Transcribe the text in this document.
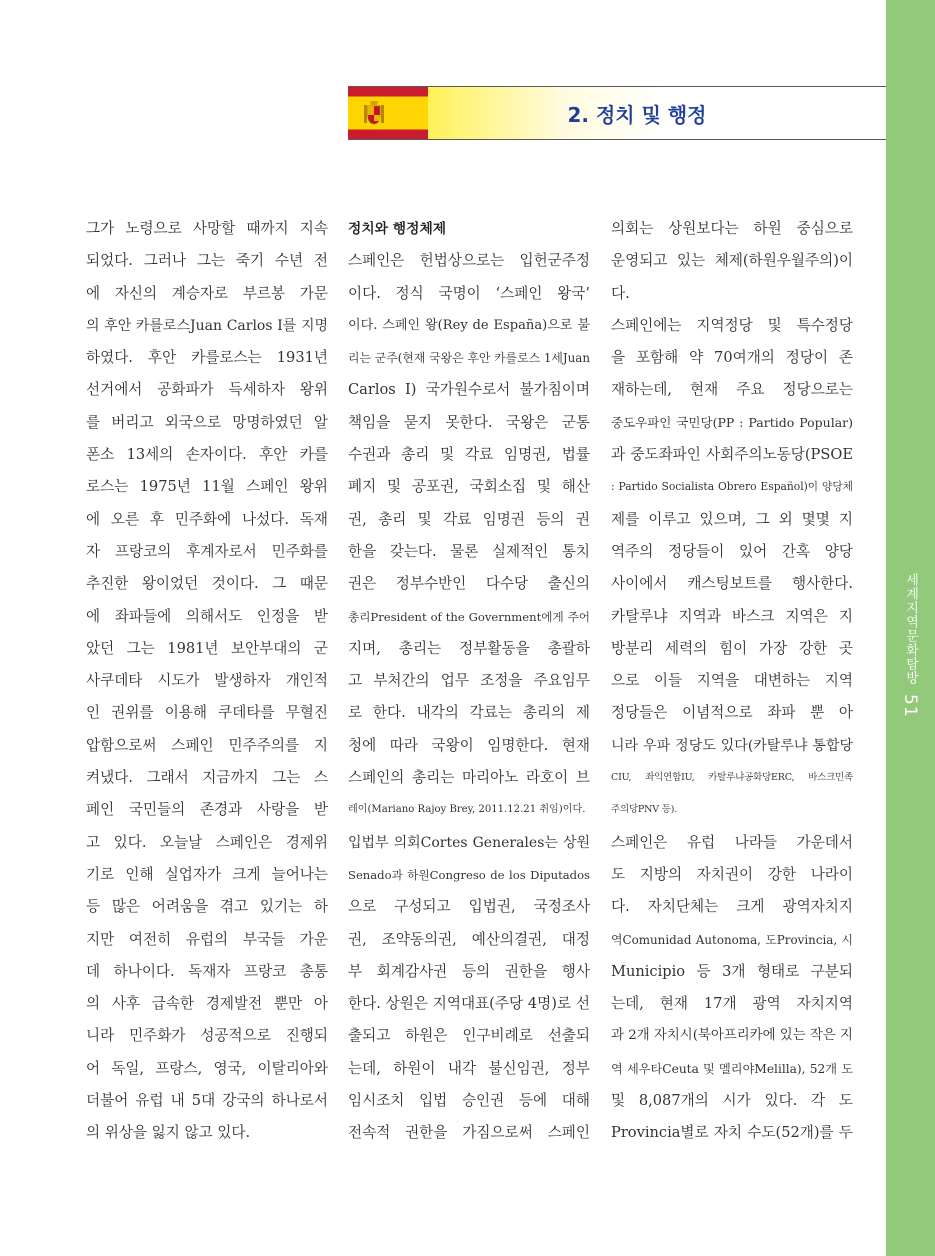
세계지역문화탐방 51
2. 정치 및 행정

그가 노령으로 사망할 때까지 지속
되었다. 그러나 그는 죽기 수년 전
에 자신의 계승자로 부르봉 가문
의 후안 카를로스Juan Carlos I를 지명
하였다. 후안 카를로스는 1931년
선거에서 공화파가 득세하자 왕위
를 버리고 외국으로 망명하였던 알
폰소 13세의 손자이다. 후안 카를
로스는 1975년 11월 스페인 왕위
에 오른 후 민주화에 나섰다. 독재
자 프랑코의 후계자로서 민주화를
추진한 왕이었던 것이다. 그 때문
에 좌파들에 의해서도 인정을 받
았던 그는 1981년 보안부대의 군
사쿠데타 시도가 발생하자 개인적
인 권위를 이용해 쿠데타를 무혈진
압함으로써 스페인 민주주의를 지
켜냈다. 그래서 지금까지 그는 스
페인 국민들의 존경과 사랑을 받
고 있다. 오늘날 스페인은 경제위
기로 인해 실업자가 크게 늘어나는
등 많은 어려움을 겪고 있기는 하
지만 여전히 유럽의 부국들 가운
데 하나이다. 독재자 프랑코 총통
의 사후 급속한 경제발전 뿐만 아
니라 민주화가 성공적으로 진행되
어 독일, 프랑스, 영국, 이탈리아와
더불어 유럽 내 5대 강국의 하나로서
의 위상을 잃지 않고 있다.

정치와 행정체제

스페인은 헌법상으로는 입헌군주정
이다. 정식 국명이 ‘스페인 왕국’
이다. 스페인 왕(Rey de España)으로 불
리는 군주(현재 국왕은 후안 카를로스 1세Juan
Carlos I) 국가원수로서 불가침이며
책임을 묻지 못한다. 국왕은 군통
수권과 총리 및 각료 임명권, 법률
폐지 및 공포권, 국회소집 및 해산
권, 총리 및 각료 임명권 등의 권
한을 갖는다. 물론 실제적인 통치
권은 정부수반인 다수당 출신의
총리President of the Government에게 주어
지며, 총리는 정부활동을 총괄하
고 부처간의 업무 조정을 주요임무
로 한다. 내각의 각료는 총리의 제
청에 따라 국왕이 임명한다. 현재
스페인의 총리는 마리아노 라호이 브
레이(Mariano Rajoy Brey, 2011.12.21 취임)이다.

입법부 의회Cortes Generales는 상원
Senado과 하원Congreso de los Diputados
으로 구성되고 입법권, 국정조사
권, 조약동의권, 예산의결권, 대정
부 회계감사권 등의 권한을 행사
한다. 상원은 지역대표(주당 4명)로 선
출되고 하원은 인구비례로 선출되
는데, 하원이 내각 불신임권, 정부
임시조치 입법 승인권 등에 대해
전속적 권한을 가짐으로써 스페인

의회는 상원보다는 하원 중심으로
운영되고 있는 체제(하원우월주의)이
다.

스페인에는 지역정당 및 특수정당
을 포함해 약 70여개의 정당이 존
재하는데, 현재 주요 정당으로는
중도우파인 국민당(PP : Partido Popular)
과 중도좌파인 사회주의노동당(PSOE
: Partido Socialista Obrero Español)이 양당체
제를 이루고 있으며, 그 외 몇몇 지
역주의 정당들이 있어 간혹 양당
사이에서 캐스팅보트를 행사한다.
카탈루냐 지역과 바스크 지역은 지
방분리 세력의 힘이 가장 강한 곳
으로 이들 지역을 대변하는 지역
정당들은 이념적으로 좌파 뿐 아
니라 우파 정당도 있다(카탈루냐 통합당
CIU, 좌익연합IU, 카탈루냐공화당ERC, 바스크민족
주의당PNV 등).

스페인은 유럽 나라들 가운데서
도 지방의 자치권이 강한 나라이
다. 자치단체는 크게 광역자치지
역Comunidad Autonoma, 도Provincia, 시
Municipio 등 3개 형태로 구분되
는데, 현재 17개 광역 자치지역
과 2개 자치시(북아프리카에 있는 작은 지
역 세우타Ceuta 및 멜리야Melilla), 52개 도
및 8,087개의 시가 있다. 각 도
Provincia별로 자치 수도(52개)를 두
